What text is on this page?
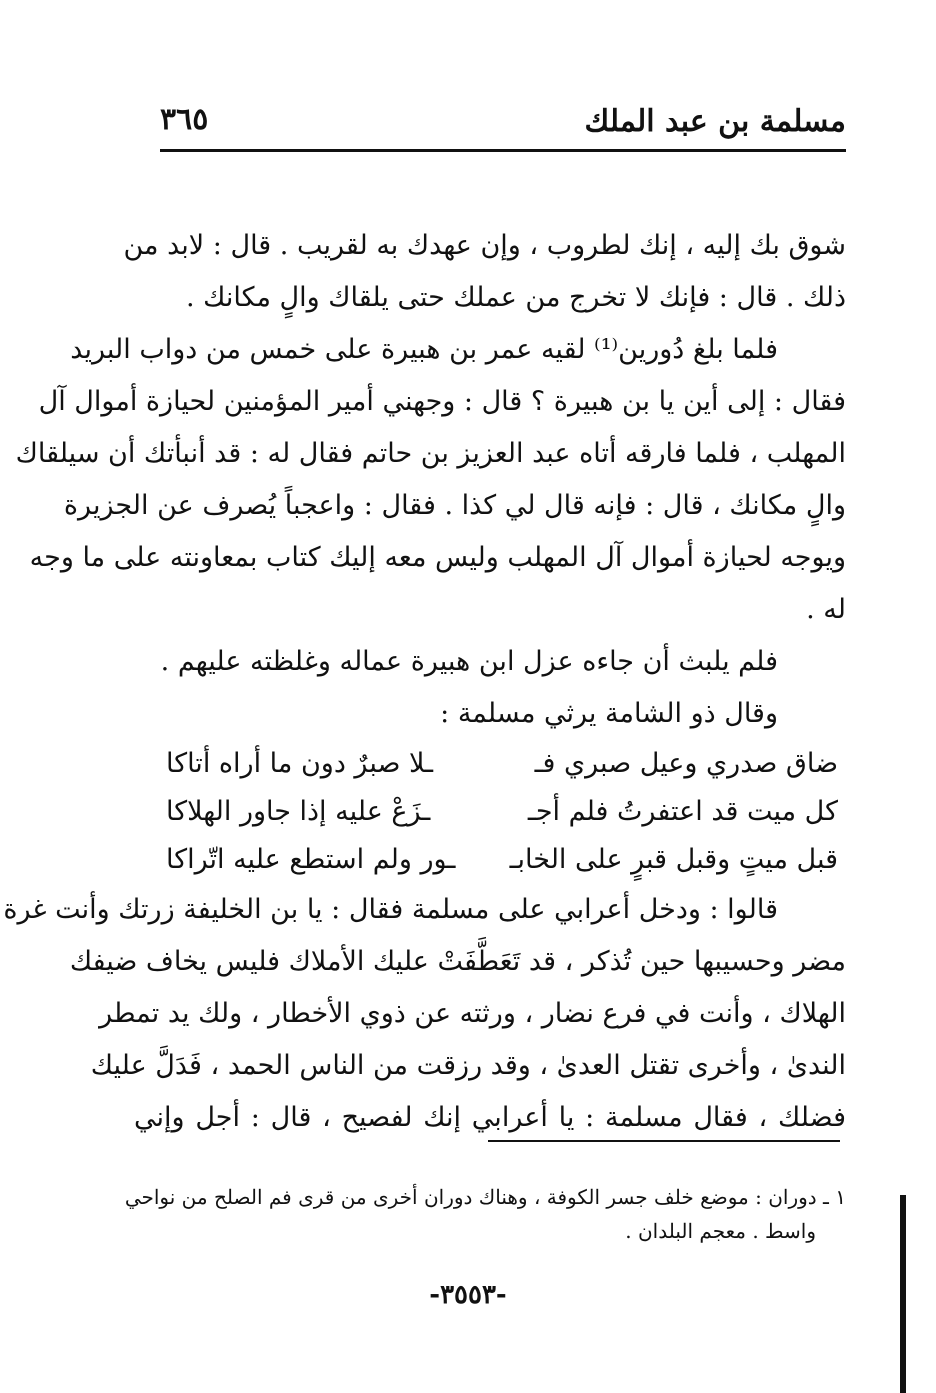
مسلمة بن عبد الملك
٣٦٥
شوق بك إليه ، إنك لطروب ، وإن عهدك به لقريب . قال : لابد من
ذلك . قال : فإنك لا تخرج من عملك حتى يلقاك والٍ مكانك .
فلما بلغ دُورين⁽¹⁾ لقيه عمر بن هبيرة على خمس من دواب البريد
فقال : إلى أين يا بن هبيرة ؟ قال : وجهني أمير المؤمنين لحيازة أموال آل
المهلب ، فلما فارقه أتاه عبد العزيز بن حاتم فقال له : قد أنبأتك أن سيلقاك
والٍ مكانك ، قال : فإنه قال لي كذا . فقال : واعجباً يُصرف عن الجزيرة
ويوجه لحيازة أموال آل المهلب وليس معه إليك كتاب بمعاونته على ما وجه
له .
فلم يلبث أن جاءه عزل ابن هبيرة عماله وغلظته عليهم .
وقال ذو الشامة يرثي مسلمة :
ضاق صدري وعيل صبري فـ
ـلا صبرٌ دون ما أراه أتاكا
كل ميت قد اعتفرتُ فلم أجـ
ـزَعْ عليه إذا جاور الهلاكا
قبل ميتٍ وقبل قبرٍ على الخابـ
ـور ولم استطع عليه اتّراكا
قالوا : ودخل أعرابي على مسلمة فقال : يا بن الخليفة زرتك وأنت غرة
مضر وحسيبها حين تُذكر ، قد تَعَطَّفَتْ عليك الأملاك فليس يخاف ضيفك
الهلاك ، وأنت في فرع نضار ، ورثته عن ذوي الأخطار ، ولك يد تمطر
الندىٰ ، وأخرى تقتل العدىٰ ، وقد رزقت من الناس الحمد ، فَدَلَّ عليك
فضلك ، فقال مسلمة : يا أعرابي إنك لفصيح ، قال : أجل وإني
١ ـ دوران : موضع خلف جسر الكوفة ، وهناك دوران أخرى من قرى فم الصلح من نواحي
واسط . معجم البلدان .
-٣٥٥٣-
